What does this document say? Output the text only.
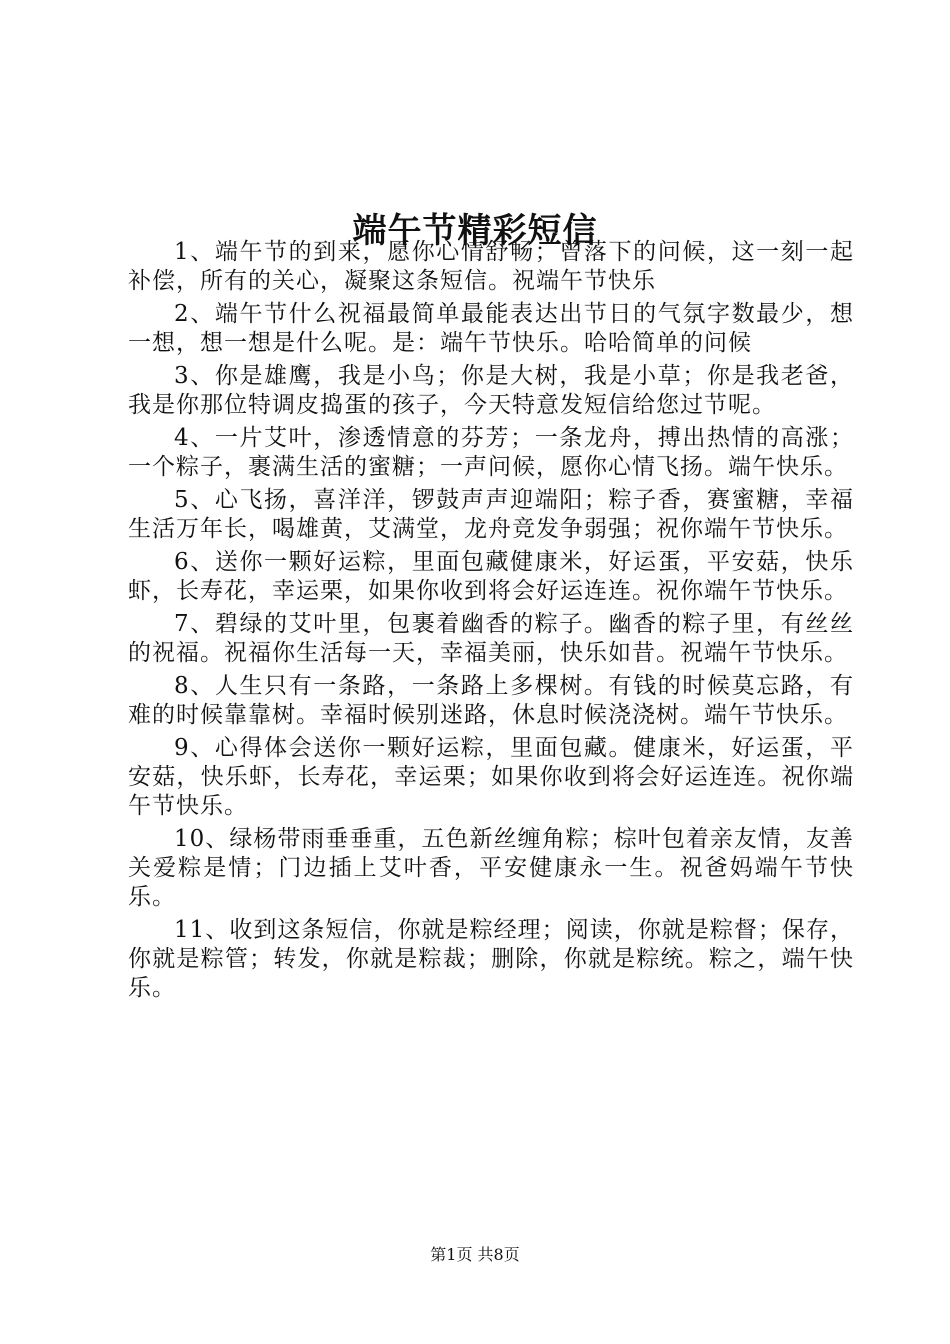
端午节精彩短信

1、端午节的到来，愿你心情舒畅；曾落下的问候，这一刻一起补偿，所有的关心，凝聚这条短信。祝端午节快乐

2、端午节什么祝福最简单最能表达出节日的气氛字数最少，想一想，想一想是什么呢。是：端午节快乐。哈哈简单的问候

3、你是雄鹰，我是小鸟；你是大树，我是小草；你是我老爸，我是你那位特调皮捣蛋的孩子，今天特意发短信给您过节呢。

4、一片艾叶，渗透情意的芬芳；一条龙舟，搏出热情的高涨；一个粽子，裹满生活的蜜糖；一声问候，愿你心情飞扬。端午快乐。

5、心飞扬，喜洋洋，锣鼓声声迎端阳；粽子香，赛蜜糖，幸福生活万年长，喝雄黄，艾满堂，龙舟竞发争弱强；祝你端午节快乐。

6、送你一颗好运粽，里面包藏健康米，好运蛋，平安菇，快乐虾，长寿花，幸运栗，如果你收到将会好运连连。祝你端午节快乐。

7、碧绿的艾叶里，包裹着幽香的粽子。幽香的粽子里，有丝丝的祝福。祝福你生活每一天，幸福美丽，快乐如昔。祝端午节快乐。

8、人生只有一条路，一条路上多棵树。有钱的时候莫忘路，有难的时候靠靠树。幸福时候别迷路，休息时候浇浇树。端午节快乐。

9、心得体会送你一颗好运粽，里面包藏。健康米，好运蛋，平安菇，快乐虾，长寿花，幸运栗；如果你收到将会好运连连。祝你端午节快乐。

10、绿杨带雨垂垂重，五色新丝缠角粽；棕叶包着亲友情，友善关爱粽是情；门边插上艾叶香，平安健康永一生。祝爸妈端午节快乐。

11、收到这条短信，你就是粽经理；阅读，你就是粽督；保存，你就是粽管；转发，你就是粽裁；删除，你就是粽统。粽之，端午快乐。

第1页 共8页
